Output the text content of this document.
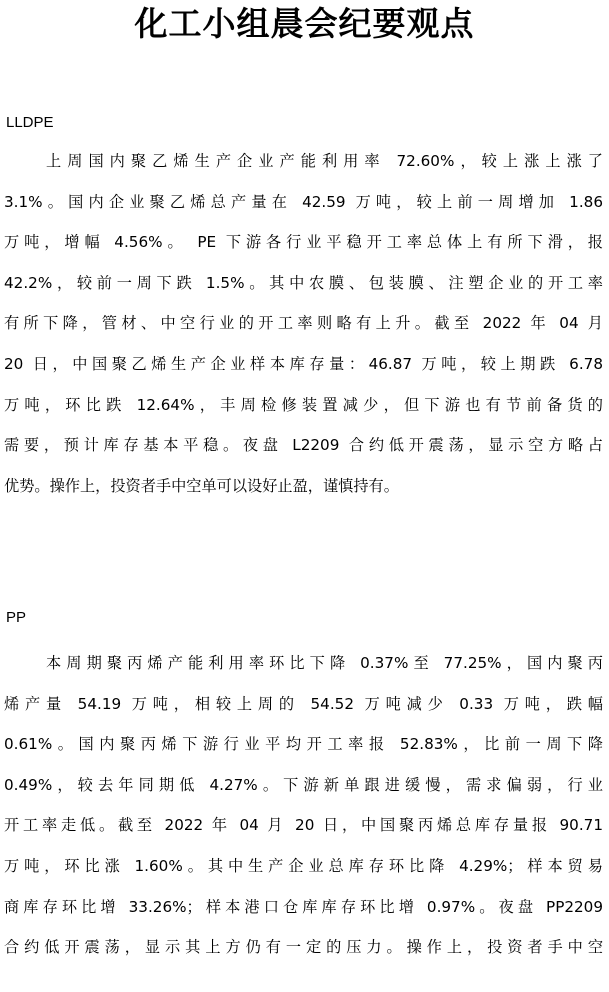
化工小组晨会纪要观点
LLDPE
上周国内聚乙烯生产企业产能利用率 72.60%，较上涨上涨了
3.1%。国内企业聚乙烯总产量在 42.59 万吨，较上前一周增加 1.86
万吨，增幅 4.56%。 PE 下游各行业平稳开工率总体上有所下滑，报
42.2%，较前一周下跌 1.5%。其中农膜、包装膜、注塑企业的开工率
有所下降，管材、中空行业的开工率则略有上升。截至 2022 年 04 月
20 日，中国聚乙烯生产企业样本库存量：46.87 万吨，较上期跌 6.78
万吨，环比跌 12.64%，丰周检修装置减少，但下游也有节前备货的
需要，预计库存基本平稳。夜盘 L2209 合约低开震荡，显示空方略占
优势。操作上，投资者手中空单可以设好止盈，谨慎持有。
PP
本周期聚丙烯产能利用率环比下降 0.37%至 77.25%，国内聚丙
烯产量 54.19 万吨，相较上周的 54.52 万吨减少 0.33 万吨，跌幅
0.61%。国内聚丙烯下游行业平均开工率报 52.83%，比前一周下降
0.49%，较去年同期低 4.27%。下游新单跟进缓慢，需求偏弱，行业
开工率走低。截至 2022 年 04 月 20 日，中国聚丙烯总库存量报 90.71
万吨，环比涨 1.60%。其中生产企业总库存环比降 4.29%；样本贸易
商库存环比增 33.26%；样本港口仓库库存环比增 0.97%。夜盘 PP2209
合约低开震荡，显示其上方仍有一定的压力。操作上，投资者手中空
